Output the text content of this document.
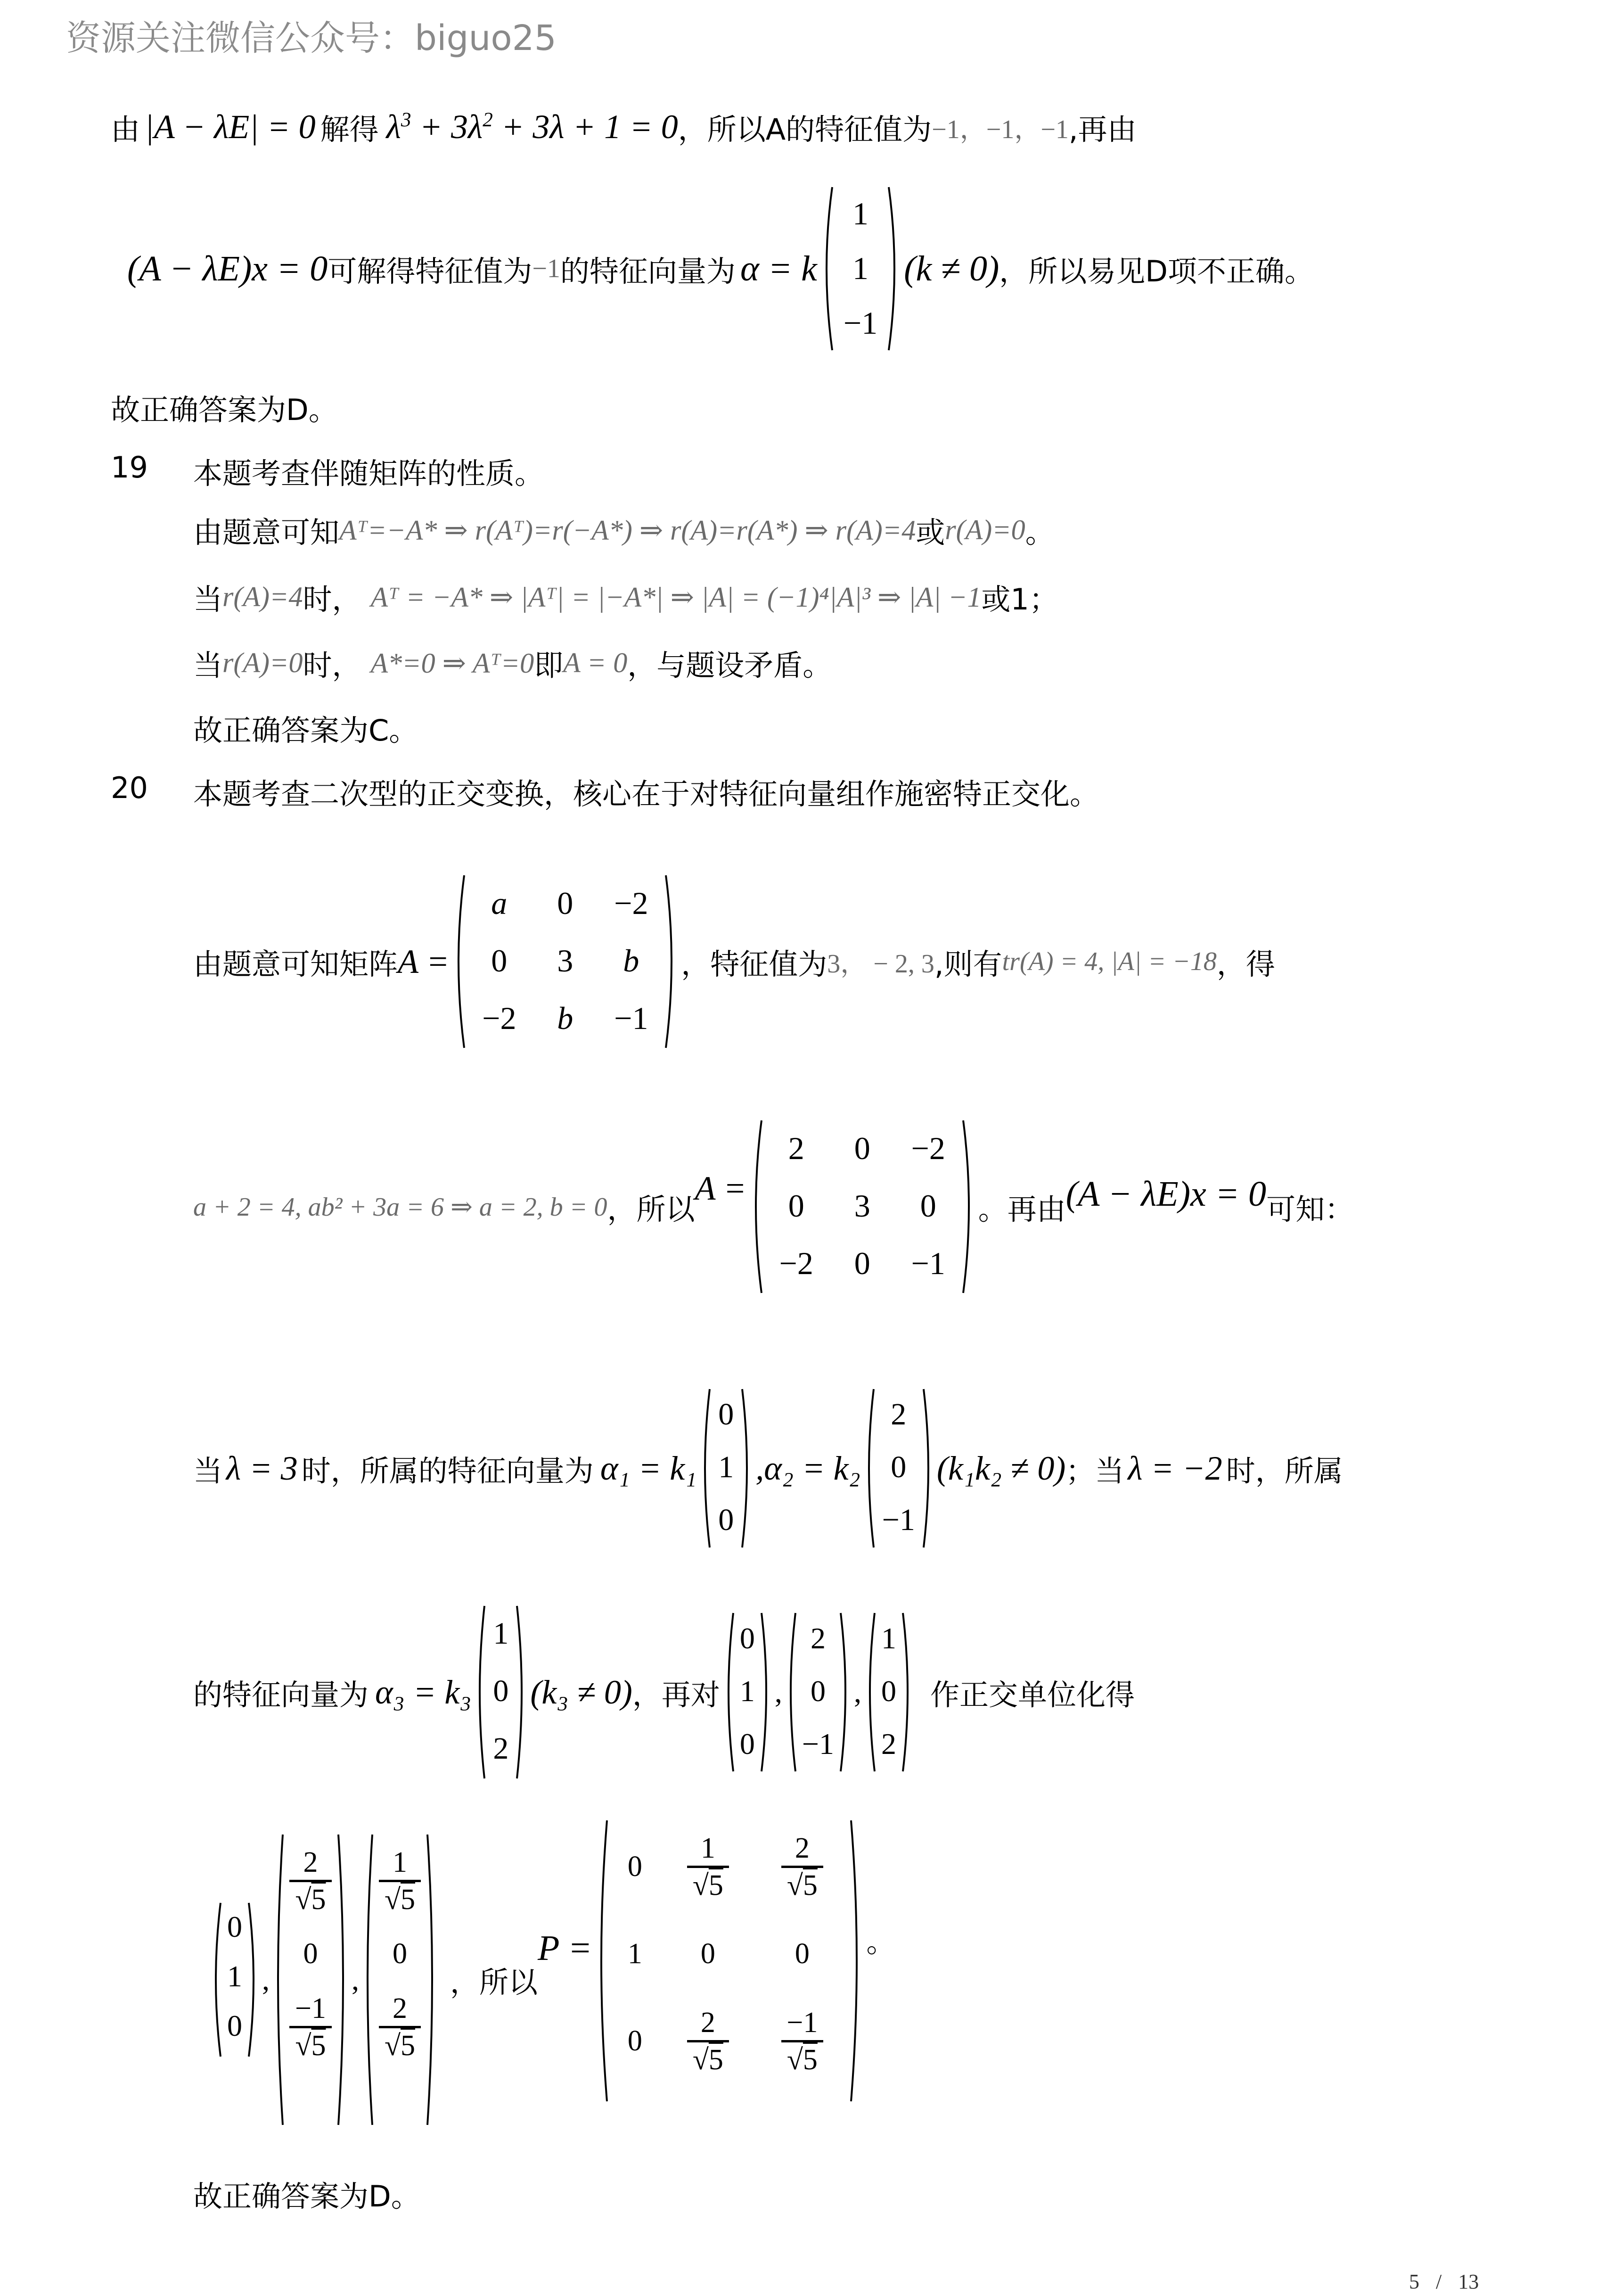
资源关注微信公众号：biguo25
由 |A − λE| = 0 解得 $\lambda^3 + 3\lambda^2 + 3\lambda + 1 = 0$ ，所以A的特征值为 −1，−1，−1 ,再由
(A − λE)x = 0 可解得特征值为 −1 的特征向量为 α = k
1
1
−1
(k ≠ 0) ，所以易见D项不正确。
故正确答案为D。
19 本题考查伴随矩阵的性质。
由题意可知 Aᵀ=−A* ⇒ r(Aᵀ)=r(−A*) ⇒ r(A)=r(A*) ⇒ r(A)=4 或 r(A)=0 。
当 r(A)=4 时， Aᵀ = −A* ⇒ |Aᵀ| = |−A*| ⇒ |A| = (−1)⁴|A|³ ⇒ |A| −1 或1；
当 r(A)=0 时， A*=0 ⇒ Aᵀ=0 即 A = 0 ，与题设矛盾。
故正确答案为C。
20 本题考查二次型的正交变换，核心在于对特征向量组作施密特正交化。
由题意可知矩阵 A =
a 0 −2
0 3 b
−2 b −1
，特征值为 3， − 2, 3 ,则有 tr(A) = 4, |A| = −18 ，得
a + 2 = 4, ab² + 3a = 6 ⇒ a = 2, b = 0 ，所以
A =
2 0 −2
0 3 0
−2 0 −1
。再由 (A − λE)x = 0 可知：
当 λ = 3 时，所属的特征向量为 α₁ = k₁
0
1
0
,α₂ = k₂
2
0
−1
(k₁k₂ ≠ 0) ；当 λ = −2 时，所属
的特征向量为 α₃ = k₃
1
0
2
(k₃ ≠ 0) ，再对
0
1
0
,
2
0
−1
,
1
0
2
作正交单位化得
0
1
0
,
$\frac{2}{√5}$
0
$\frac{-1}{√5}$
,
$\frac{1}{√5}$
0
$\frac{2}{√5}$
，所以
P =
$0 \frac{1}{√5} \frac{2}{√5}$
1 0	0
$0 \frac{2}{√5} \frac{-1}{√5}$
。
故正确答案为D。
5 / 13
